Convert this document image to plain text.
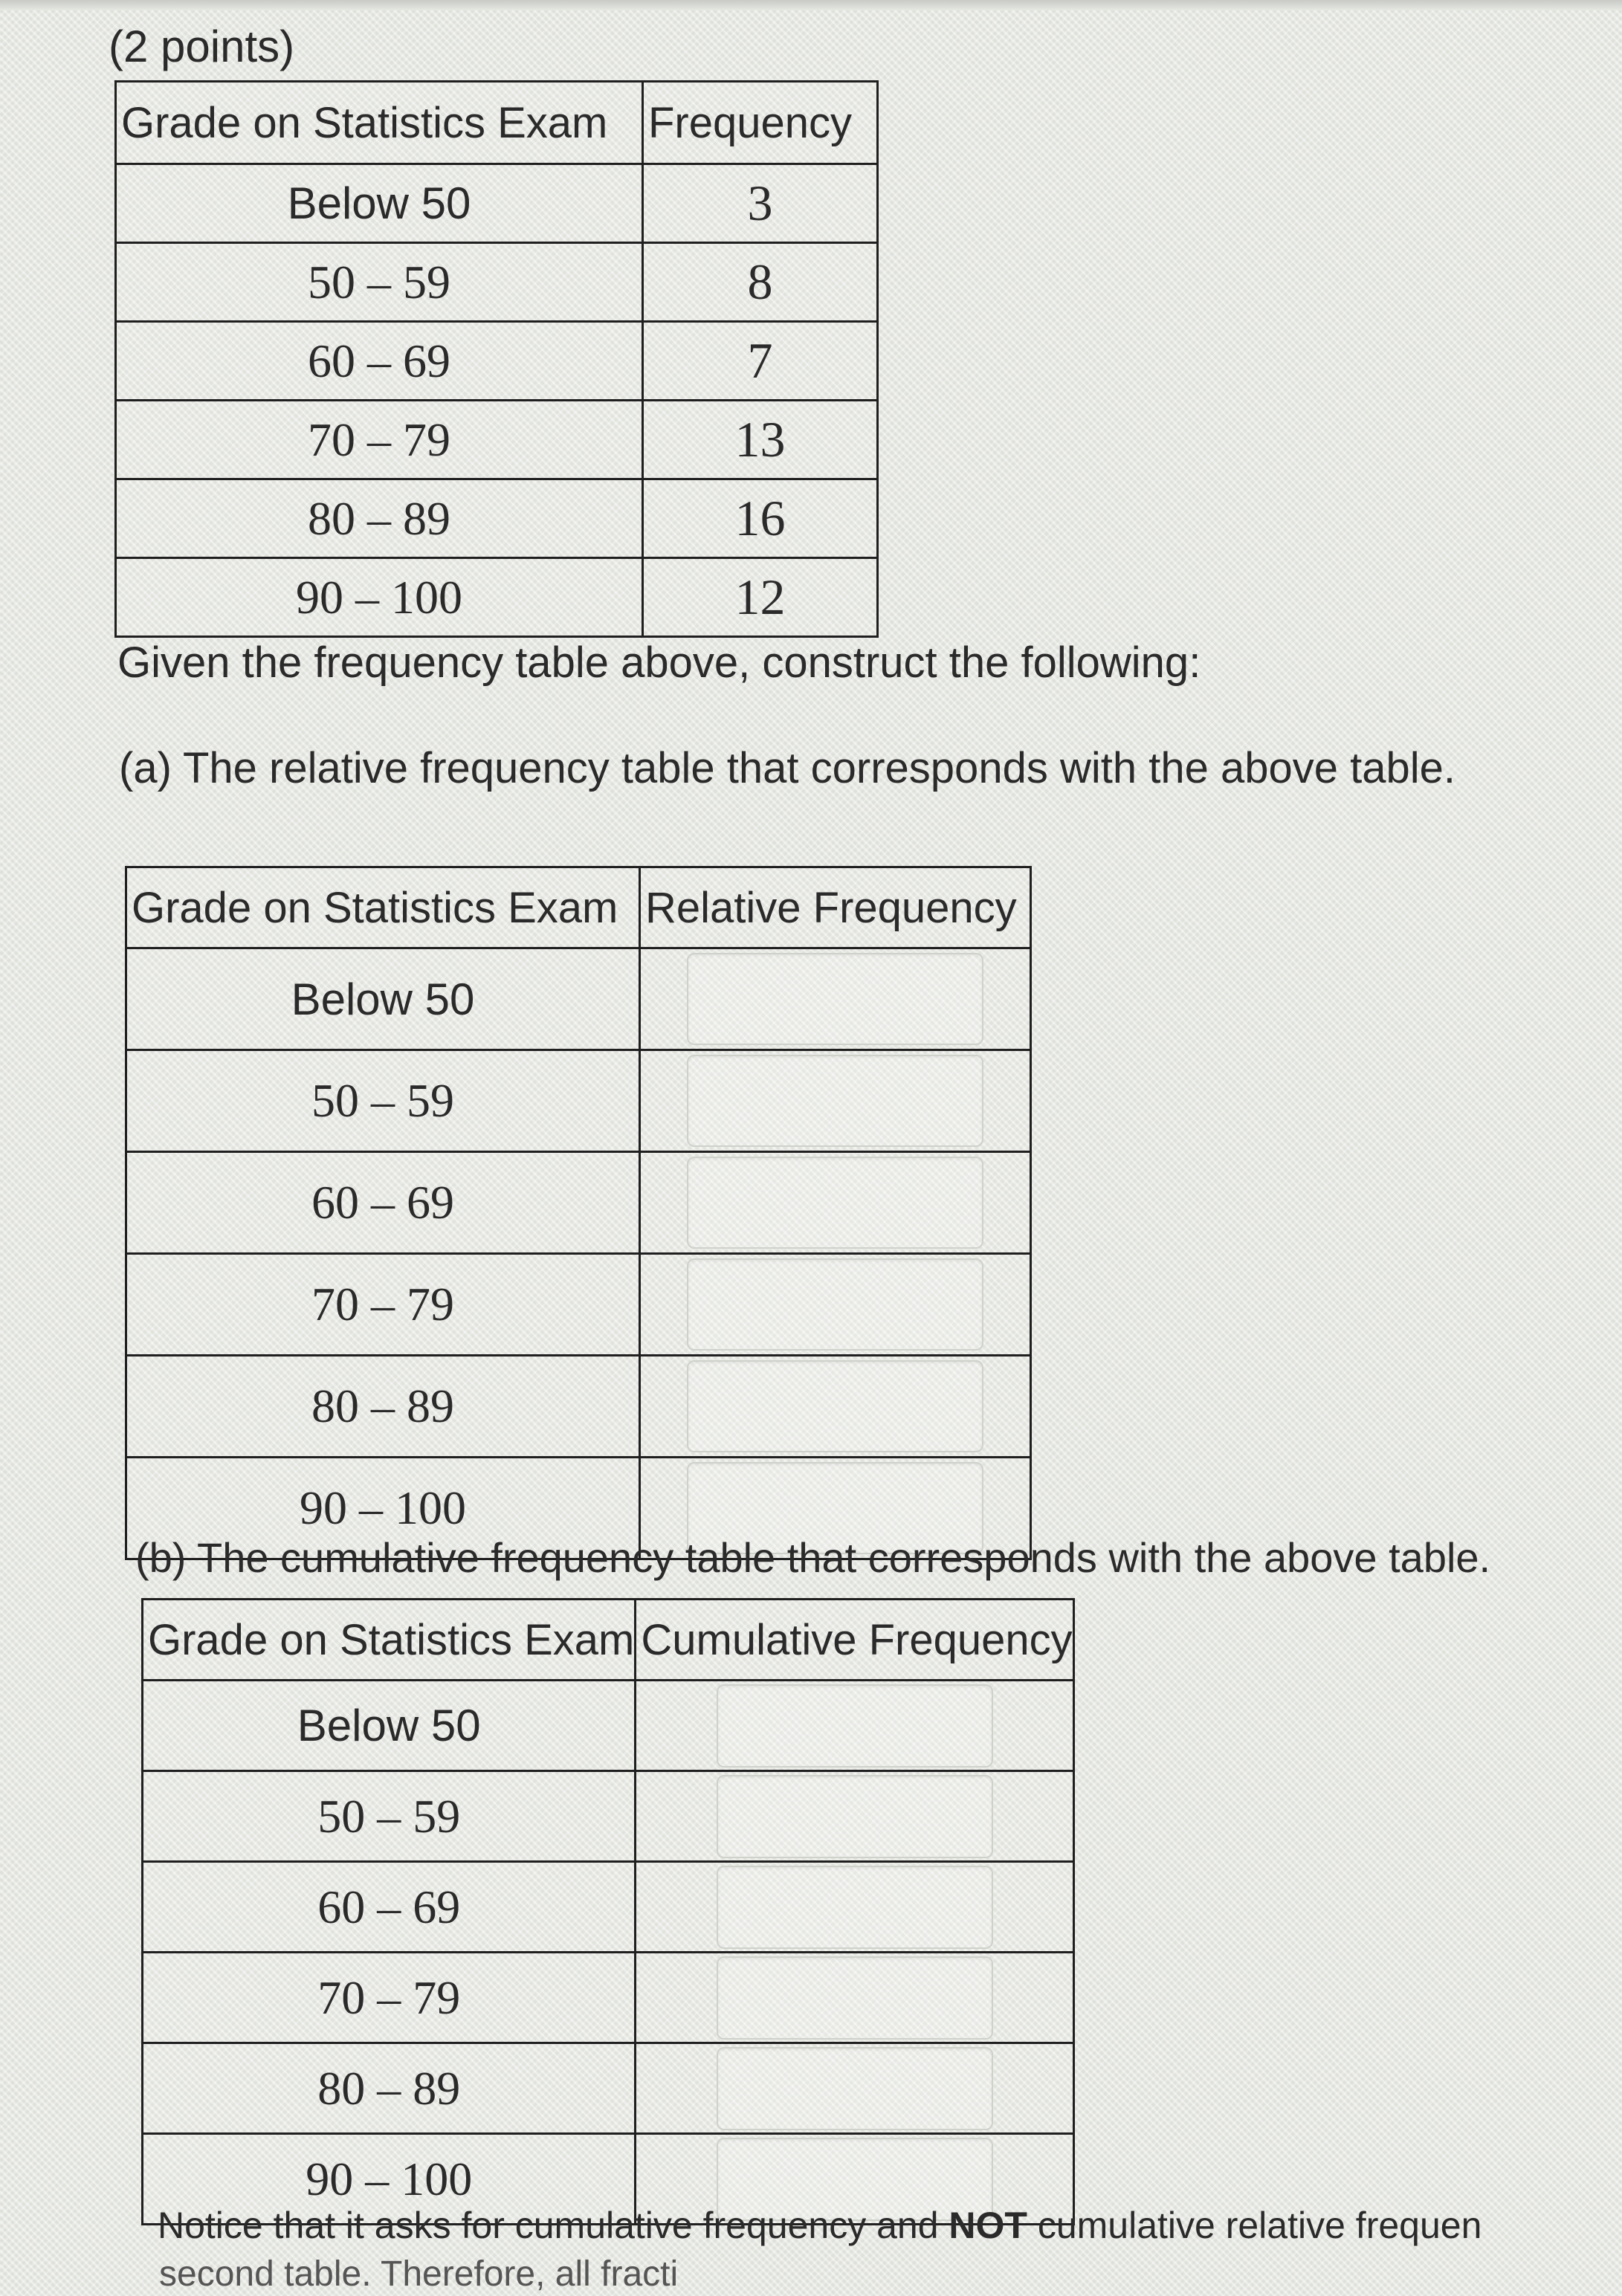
(2 points)
Grade on Statistics Exam	Frequency
Below 50	3
50 – 59	8
60 – 69	7
70 – 79	13
80 – 89	16
90 – 100	12
Given the frequency table above, construct the following:
(a) The relative frequency table that corresponds with the above table.
Grade on Statistics Exam	Relative Frequency
Below 50	

50 – 59	

60 – 69	

70 – 79	

80 – 89	

90 – 100	
(b) The cumulative frequency table that corresponds with the above table.
Grade on Statistics Exam	Cumulative Frequency
Below 50	

50 – 59	

60 – 69	

70 – 79	

80 – 89	

90 – 100	
Notice that it asks for cumulative frequency and NOT cumulative relative frequen
second table. Therefore, all fracti
